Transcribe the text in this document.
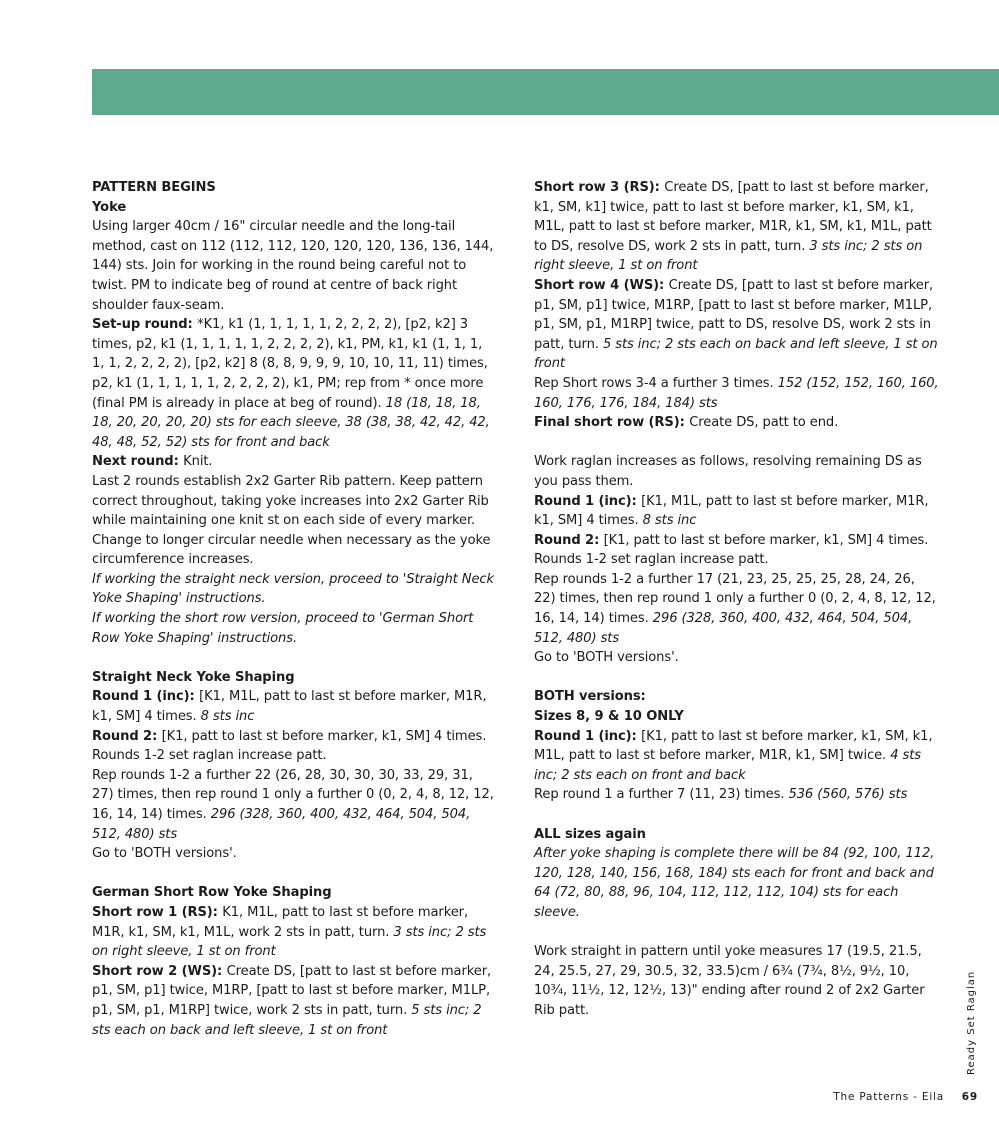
PATTERN BEGINS

Yoke

Using larger 40cm / 16" circular needle and the long-tail method, cast on 112 (112, 112, 120, 120, 120, 136, 136, 144, 144) sts. Join for working in the round being careful not to twist. PM to indicate beg of round at centre of back right shoulder faux-seam.

Set-up round: *K1, k1 (1, 1, 1, 1, 1, 2, 2, 2, 2), [p2, k2] 3 times, p2, k1 (1, 1, 1, 1, 1, 2, 2, 2, 2), k1, PM, k1, k1 (1, 1, 1, 1, 1, 2, 2, 2, 2), [p2, k2] 8 (8, 8, 9, 9, 9, 10, 10, 11, 11) times, p2, k1 (1, 1, 1, 1, 1, 2, 2, 2, 2), k1, PM; rep from * once more (final PM is already in place at beg of round). 18 (18, 18, 18, 18, 20, 20, 20, 20) sts for each sleeve, 38 (38, 38, 42, 42, 42, 48, 48, 52, 52) sts for front and back

Next round: Knit.

Last 2 rounds establish 2x2 Garter Rib pattern. Keep pattern correct throughout, taking yoke increases into 2x2 Garter Rib while maintaining one knit st on each side of every marker. Change to longer circular needle when necessary as the yoke circumference increases.

If working the straight neck version, proceed to 'Straight Neck Yoke Shaping' instructions.

If working the short row version, proceed to 'German Short Row Yoke Shaping' instructions.

Straight Neck Yoke Shaping

Round 1 (inc): [K1, M1L, patt to last st before marker, M1R, k1, SM] 4 times. 8 sts inc

Round 2: [K1, patt to last st before marker, k1, SM] 4 times.

Rounds 1-2 set raglan increase patt.

Rep rounds 1-2 a further 22 (26, 28, 30, 30, 30, 33, 29, 31, 27) times, then rep round 1 only a further 0 (0, 2, 4, 8, 12, 12, 16, 14, 14) times. 296 (328, 360, 400, 432, 464, 504, 504, 512, 480) sts

Go to 'BOTH versions'.

German Short Row Yoke Shaping

Short row 1 (RS): K1, M1L, patt to last st before marker, M1R, k1, SM, k1, M1L, work 2 sts in patt, turn. 3 sts inc; 2 sts on right sleeve, 1 st on front

Short row 2 (WS): Create DS, [patt to last st before marker, p1, SM, p1] twice, M1RP, [patt to last st before marker, M1LP, p1, SM, p1, M1RP] twice, work 2 sts in patt, turn. 5 sts inc; 2 sts each on back and left sleeve, 1 st on front

Short row 3 (RS): Create DS, [patt to last st before marker, k1, SM, k1] twice, patt to last st before marker, k1, SM, k1, M1L, patt to last st before marker, M1R, k1, SM, k1, M1L, patt to DS, resolve DS, work 2 sts in patt, turn. 3 sts inc; 2 sts on right sleeve, 1 st on front

Short row 4 (WS): Create DS, [patt to last st before marker, p1, SM, p1] twice, M1RP, [patt to last st before marker, M1LP, p1, SM, p1, M1RP] twice, patt to DS, resolve DS, work 2 sts in patt, turn. 5 sts inc; 2 sts each on back and left sleeve, 1 st on front

Rep Short rows 3-4 a further 3 times. 152 (152, 152, 160, 160, 160, 176, 176, 184, 184) sts

Final short row (RS): Create DS, patt to end.

Work raglan increases as follows, resolving remaining DS as you pass them.

Round 1 (inc): [K1, M1L, patt to last st before marker, M1R, k1, SM] 4 times. 8 sts inc

Round 2: [K1, patt to last st before marker, k1, SM] 4 times.

Rounds 1-2 set raglan increase patt.

Rep rounds 1-2 a further 17 (21, 23, 25, 25, 25, 28, 24, 26, 22) times, then rep round 1 only a further 0 (0, 2, 4, 8, 12, 12, 16, 14, 14) times. 296 (328, 360, 400, 432, 464, 504, 504, 512, 480) sts

Go to 'BOTH versions'.

BOTH versions:

Sizes 8, 9 & 10 ONLY

Round 1 (inc): [K1, patt to last st before marker, k1, SM, k1, M1L, patt to last st before marker, M1R, k1, SM] twice. 4 sts inc; 2 sts each on front and back

Rep round 1 a further 7 (11, 23) times. 536 (560, 576) sts

ALL sizes again

After yoke shaping is complete there will be 84 (92, 100, 112, 120, 128, 140, 156, 168, 184) sts each for front and back and 64 (72, 80, 88, 96, 104, 112, 112, 112, 104) sts for each sleeve.

Work straight in pattern until yoke measures 17 (19.5, 21.5, 24, 25.5, 27, 29, 30.5, 32, 33.5)cm / 6¾ (7¾, 8½, 9½, 10, 10¾, 11½, 12, 12½, 13)" ending after round 2 of 2x2 Garter Rib patt.	Ready Set Raglan
The Patterns - Eila 69
